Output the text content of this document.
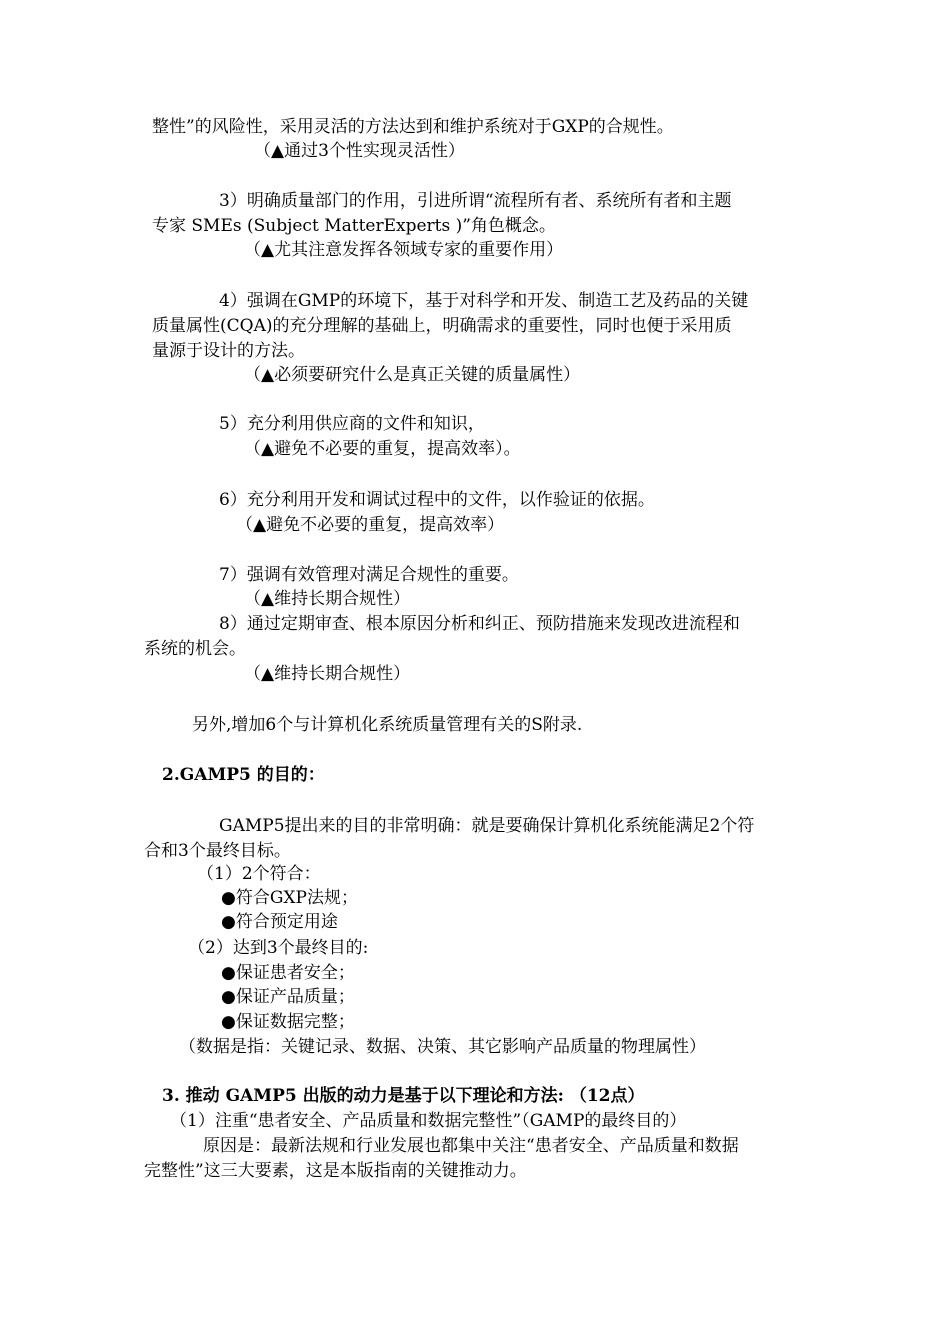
整性”的风险性，采用灵活的方法达到和维护系统对于GXP的合规性。
（▲通过3个性实现灵活性）
3）明确质量部门的作用，引进所谓“流程所有者、系统所有者和主题
专家 SMEs (Subject MatterExperts )”角色概念。
（▲尤其注意发挥各领域专家的重要作用）
4）强调在GMP的环境下，基于对科学和开发、制造工艺及药品的关键
质量属性(CQA)的充分理解的基础上，明确需求的重要性，同时也便于采用质
量源于设计的方法。
（▲必须要研究什么是真正关键的质量属性）
5）充分利用供应商的文件和知识，
（▲避免不必要的重复，提高效率）。
6）充分利用开发和调试过程中的文件，以作验证的依据。
（▲避免不必要的重复，提高效率）
7）强调有效管理对满足合规性的重要。
（▲维持长期合规性）
8）通过定期审查、根本原因分析和纠正、预防措施来发现改进流程和
系统的机会。
（▲维持长期合规性）
另外,增加6个与计算机化系统质量管理有关的S附录.
2.GAMP5 的目的：
GAMP5提出来的目的非常明确：就是要确保计算机化系统能满足2个符
合和3个最终目标。
（1）2个符合：
●符合GXP法规；
●符合预定用途
（2）达到3个最终目的:
●保证患者安全；
●保证产品质量；
●保证数据完整；
（数据是指：关键记录、数据、决策、其它影响产品质量的物理属性）
3. 推动 GAMP5 出版的动力是基于以下理论和方法: （12点）
（1）注重“患者安全、产品质量和数据完整性”（GAMP的最终目的）
原因是：最新法规和行业发展也都集中关注“患者安全、产品质量和数据
完整性”这三大要素，这是本版指南的关键推动力。
